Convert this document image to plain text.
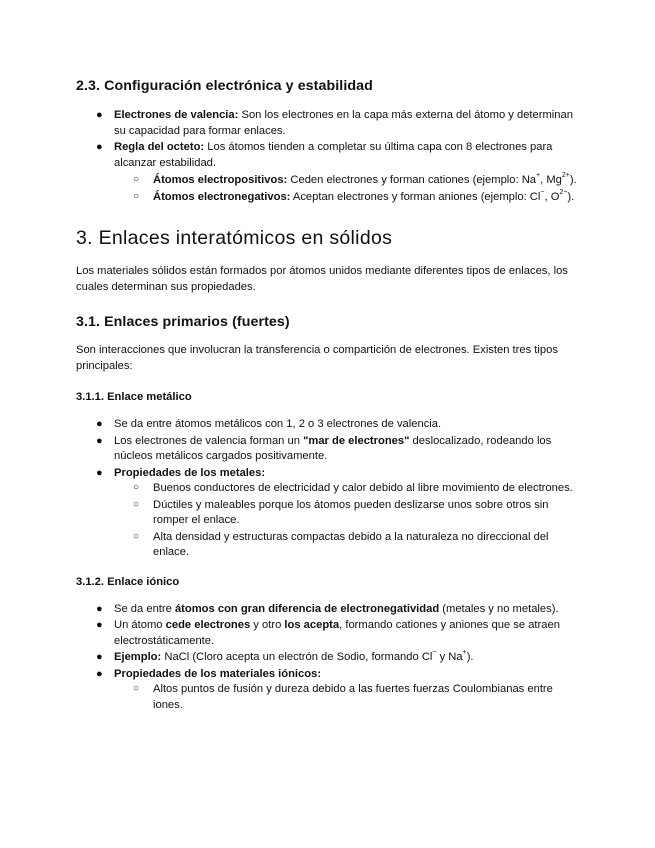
2.3. Configuración electrónica y estabilidad
● Electrones de valencia: Son los electrones en la capa más externa del átomo y determinan su capacidad para formar enlaces.
● Regla del octeto: Los átomos tienden a completar su última capa con 8 electrones para alcanzar estabilidad.
○ Átomos electropositivos: Ceden electrones y forman cationes (ejemplo: Na+, $Mg^{2+}$).
○ Átomos electronegativos: Aceptan electrones y forman aniones (ejemplo: Cl−, $O^{2-}$).
3. Enlaces interatómicos en sólidos

Los materiales sólidos están formados por átomos unidos mediante diferentes tipos de enlaces, los cuales determinan sus propiedades.

3.1. Enlaces primarios (fuertes)

Son interacciones que involucran la transferencia o compartición de electrones. Existen tres tipos principales:

3.1.1. Enlace metálico
● Se da entre átomos metálicos con 1, 2 o 3 electrones de valencia.
● Los electrones de valencia forman un "mar de electrones" deslocalizado, rodeando los núcleos metálicos cargados positivamente.
● Propiedades de los metales:
○ Buenos conductores de electricidad y calor debido al libre movimiento de electrones.
○ Dúctiles y maleables porque los átomos pueden deslizarse unos sobre otros sin romper el enlace.
○ Alta densidad y estructuras compactas debido a la naturaleza no direccional del enlace.
3.1.2. Enlace iónico
● Se da entre átomos con gran diferencia de electronegatividad (metales y no metales).
● Un átomo cede electrones y otro los acepta, formando cationes y aniones que se atraen electrostáticamente.
● Ejemplo: NaCl (Cloro acepta un electrón de Sodio, formando Cl− y Na+).
● Propiedades de los materiales iónicos:
○ Altos puntos de fusión y dureza debido a las fuertes fuerzas Coulombianas entre iones.
